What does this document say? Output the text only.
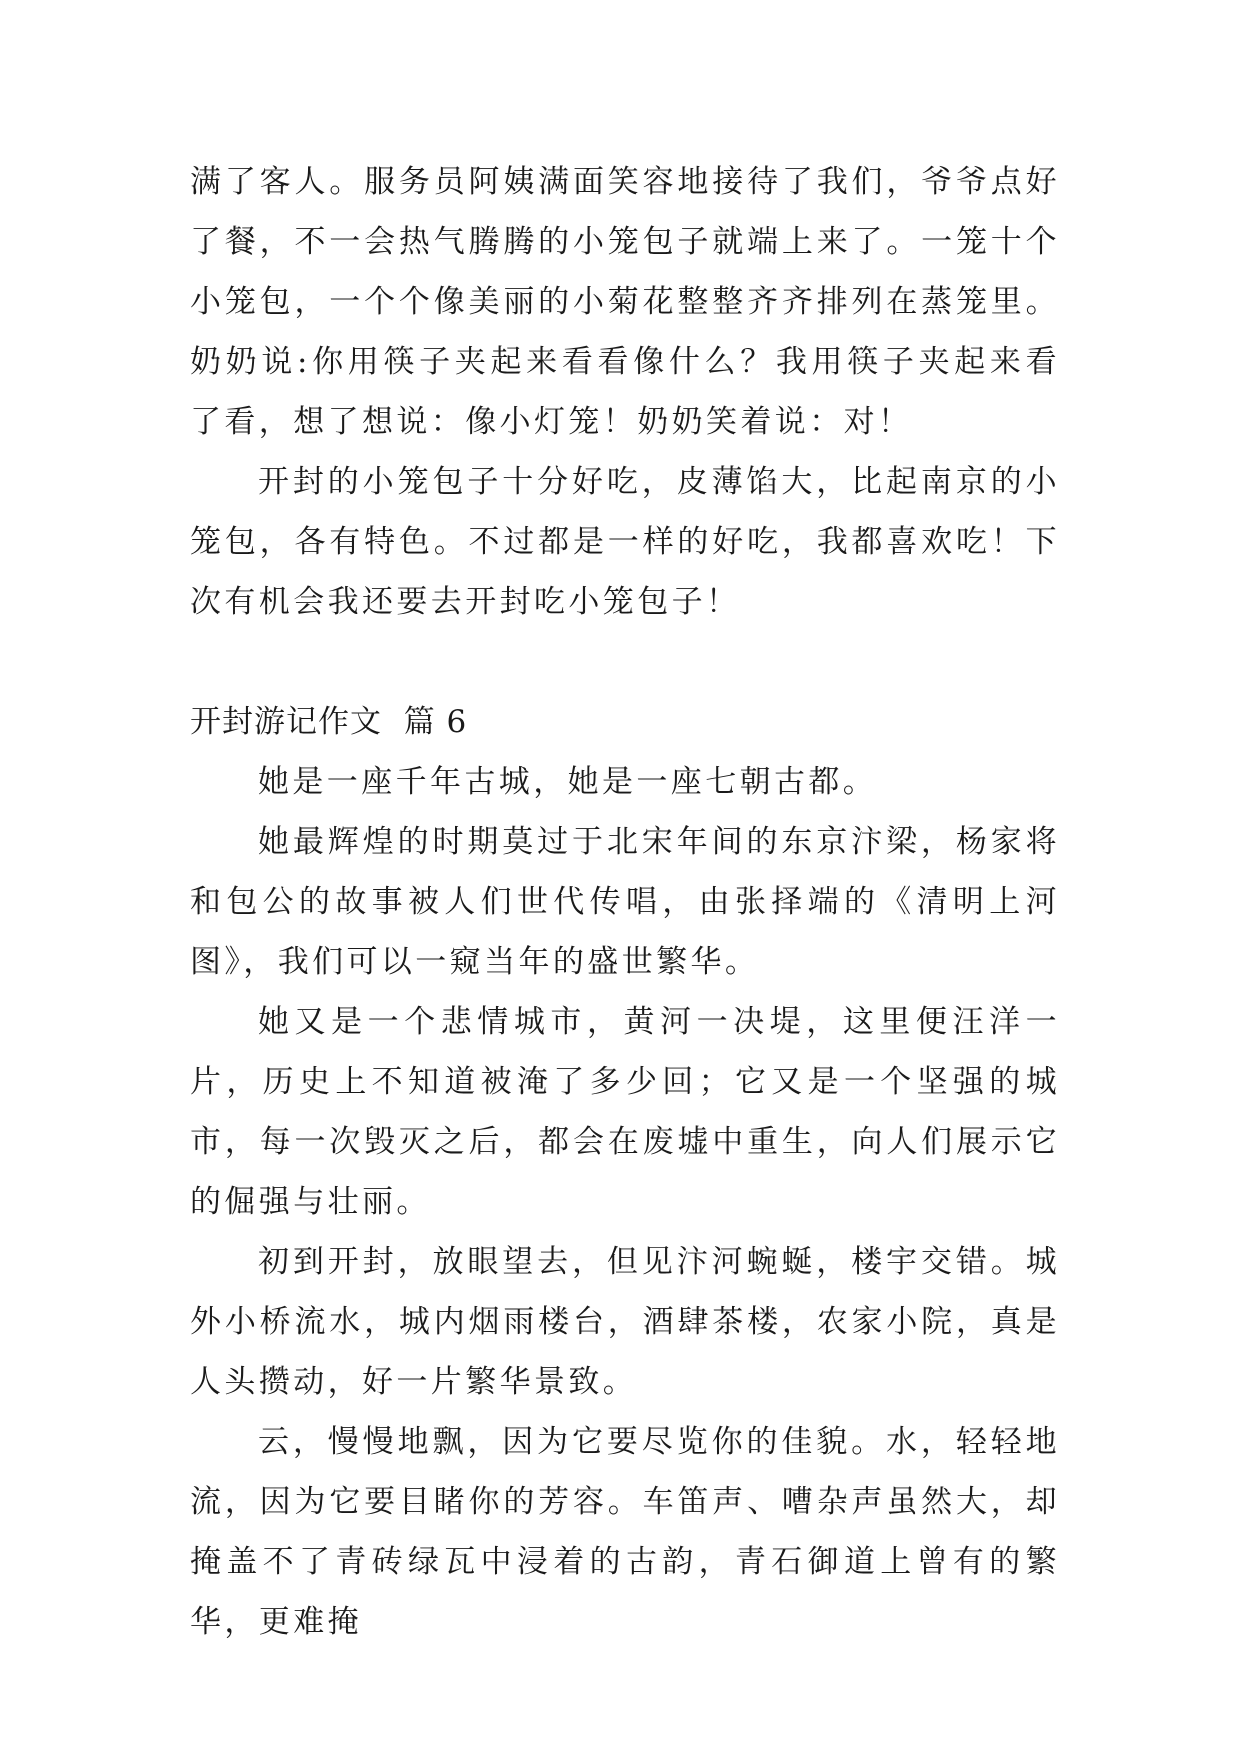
满了客人。服务员阿姨满面笑容地接待了我们，爷爷点好了餐，不一会热气腾腾的小笼包子就端上来了。一笼十个小笼包，一个个像美丽的小菊花整整齐齐排列在蒸笼里。奶奶说:你用筷子夹起来看看像什么？我用筷子夹起来看了看，想了想说：像小灯笼！奶奶笑着说：对！

开封的小笼包子十分好吃，皮薄馅大，比起南京的小笼包，各有特色。不过都是一样的好吃，我都喜欢吃！下次有机会我还要去开封吃小笼包子！

开封游记作文  篇 6

她是一座千年古城，她是一座七朝古都。

她最辉煌的时期莫过于北宋年间的东京汴梁，杨家将和包公的故事被人们世代传唱，由张择端的《清明上河图》，我们可以一窥当年的盛世繁华。

她又是一个悲情城市，黄河一决堤，这里便汪洋一片，历史上不知道被淹了多少回；它又是一个坚强的城市，每一次毁灭之后，都会在废墟中重生，向人们展示它的倔强与壮丽。

初到开封，放眼望去，但见汴河蜿蜒，楼宇交错。城外小桥流水，城内烟雨楼台，酒肆茶楼，农家小院，真是人头攒动，好一片繁华景致。

云，慢慢地飘，因为它要尽览你的佳貌。水，轻轻地流，因为它要目睹你的芳容。车笛声、嘈杂声虽然大，却掩盖不了青砖绿瓦中浸着的古韵，青石御道上曾有的繁华，更难掩
